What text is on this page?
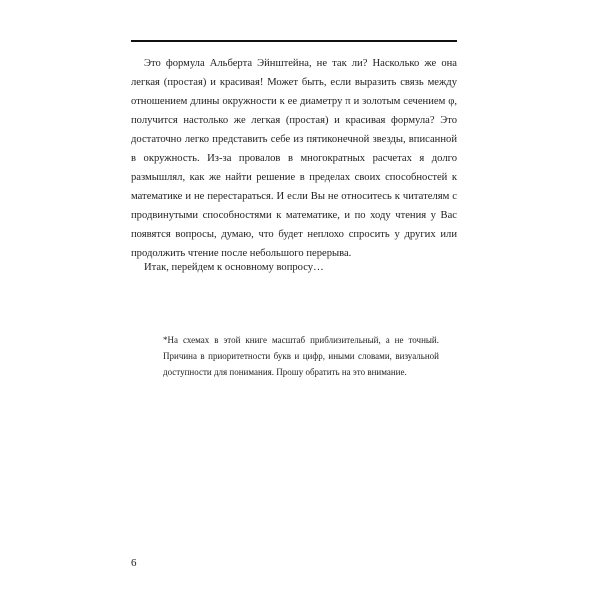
Это формула Альберта Эйнштейна, не так ли? Насколько же она легкая (простая) и красивая! Может быть, если выразить связь между отношением длины окружности к ее диаметру π и золотым сечением φ, получится настолько же легкая (простая) и красивая формула? Это достаточно легко представить себе из пятиконечной звезды, вписанной в окружность. Из-за провалов в многократных расчетах я долго размышлял, как же найти решение в пределах своих способностей к математике и не перестараться. И если Вы не относитесь к читателям с продвинутыми способностями к математике, и по ходу чтения у Вас появятся вопросы, думаю, что будет неплохо спросить у других или продолжить чтение после небольшого перерыва.

Итак, перейдем к основному вопросу…

*На схемах в этой книге масштаб приблизительный, а не точный. Причина в приоритетности букв и цифр, иными словами, визуальной доступности для понимания. Прошу обратить на это внимание.

6
